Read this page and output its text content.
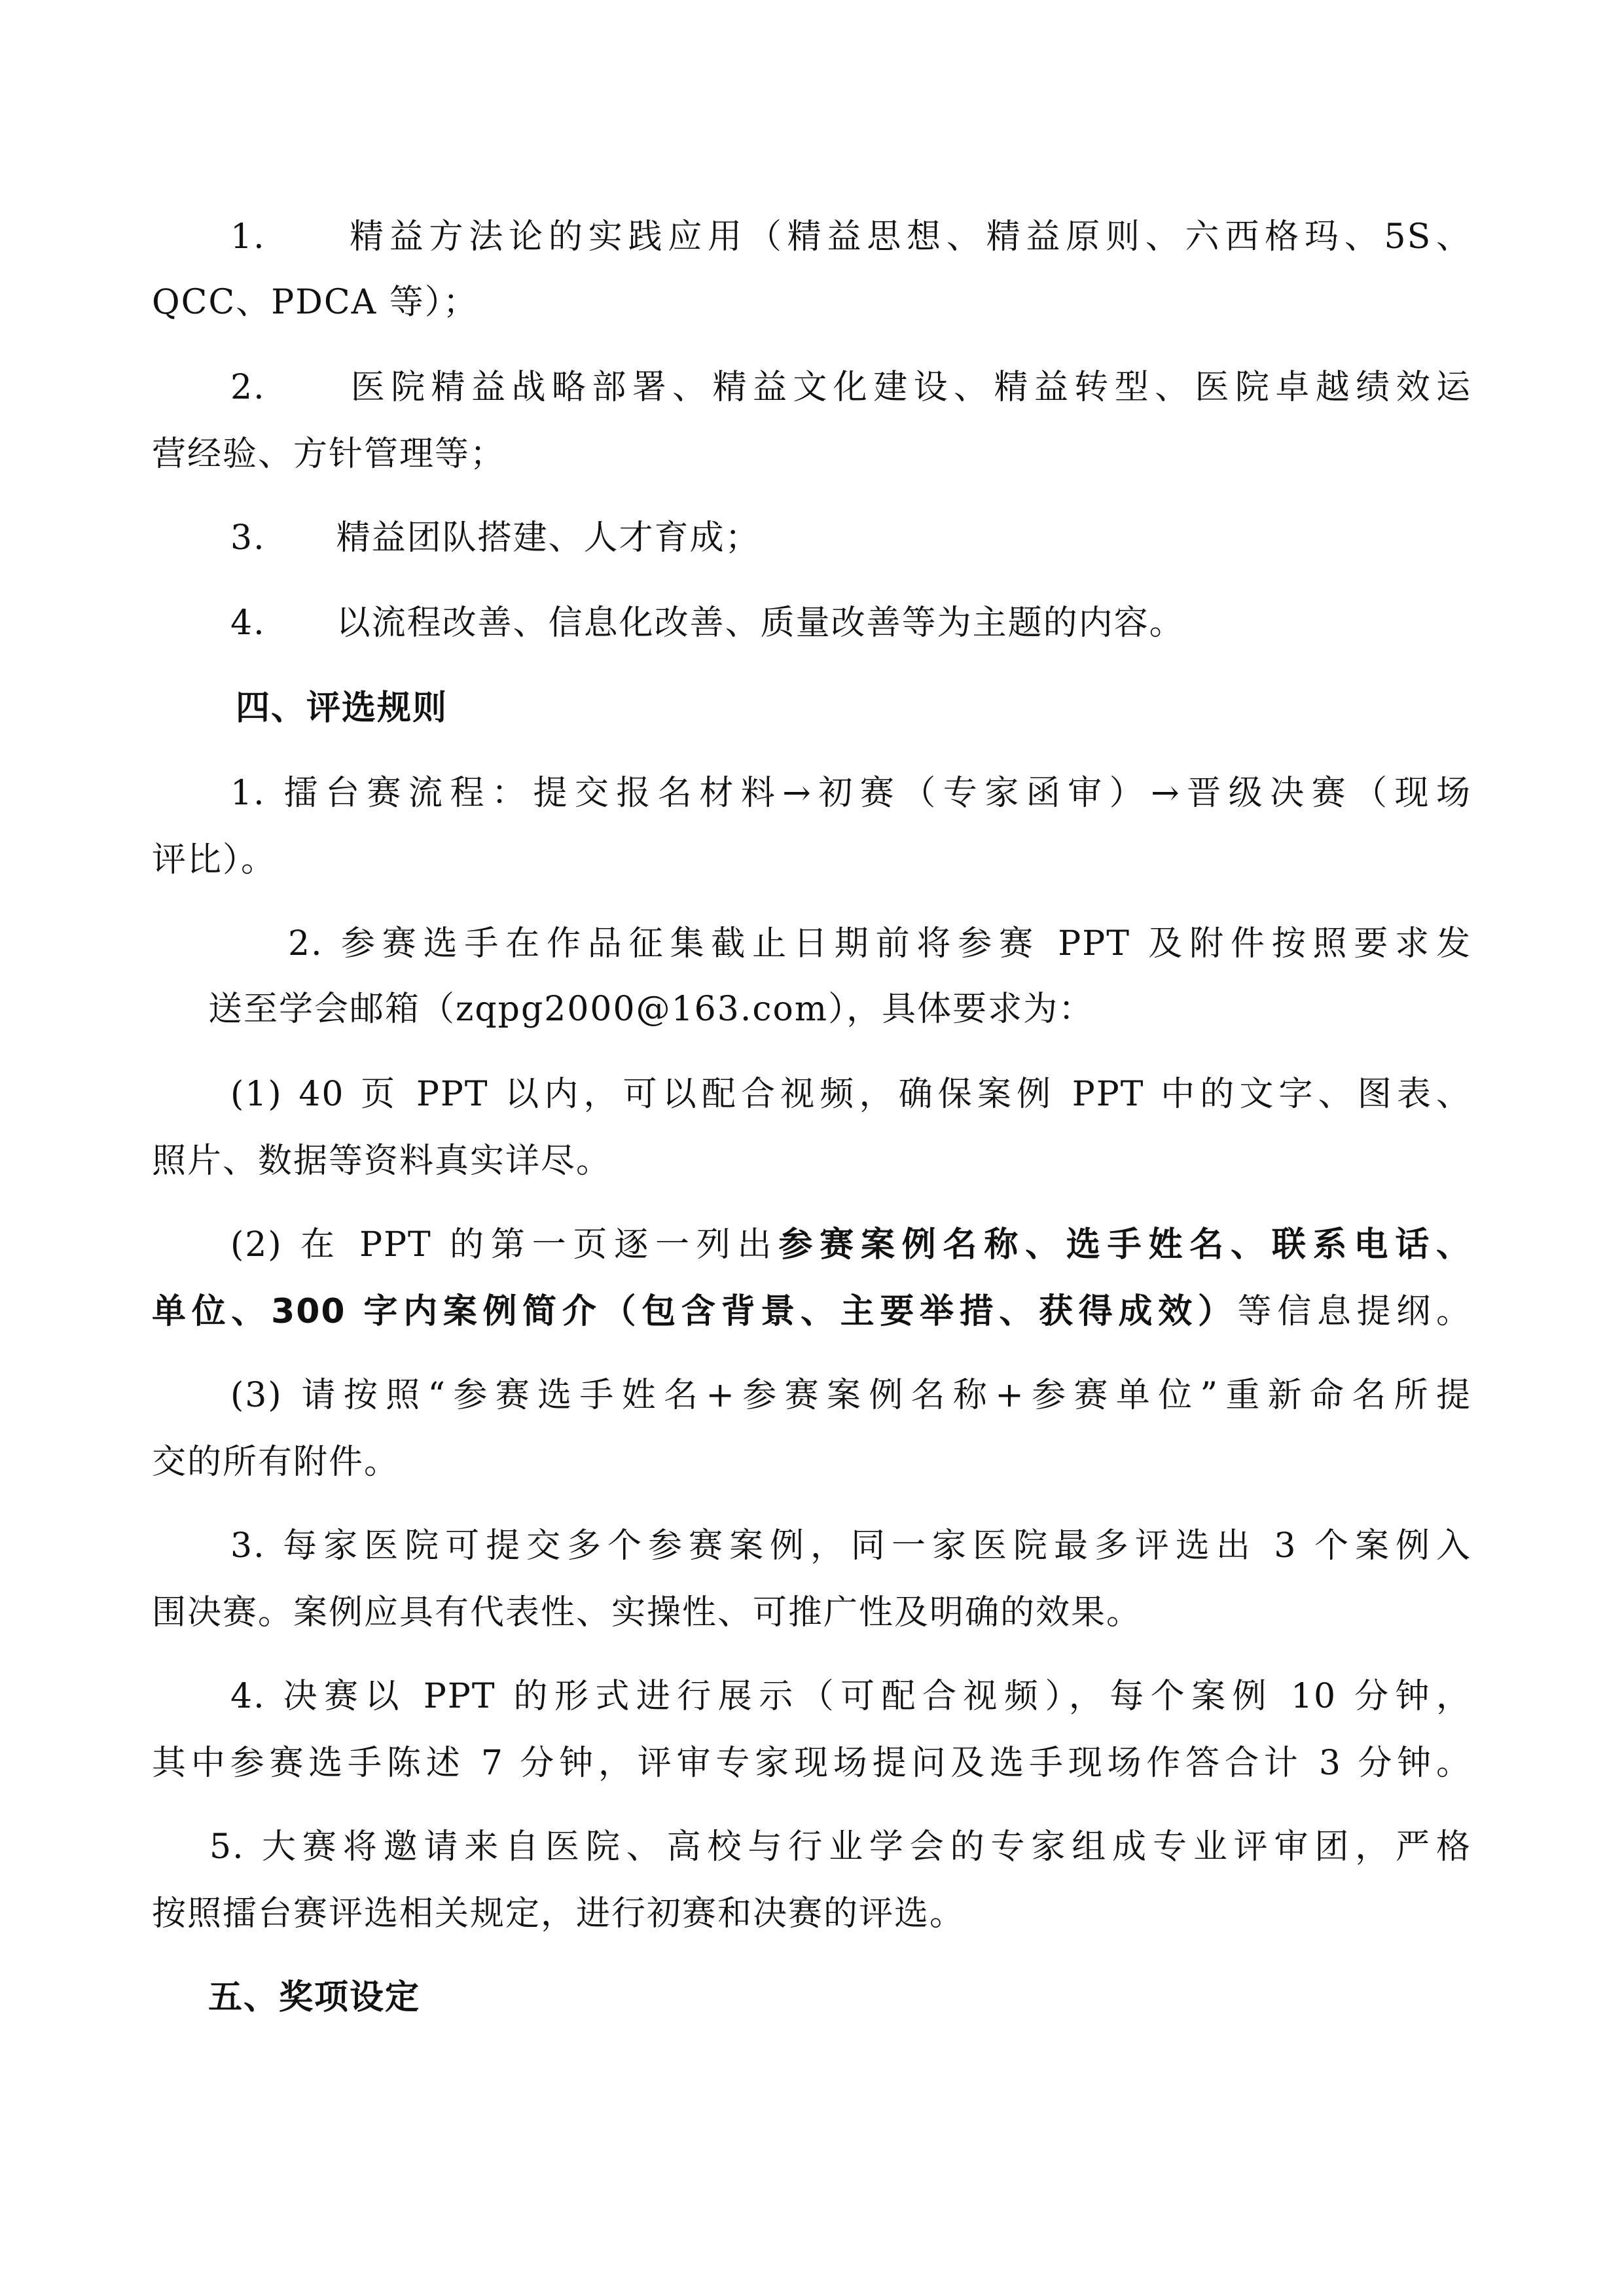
1.　　精益方法论的实践应用（精益思想、精益原则、六西格玛、5S、
QCC、PDCA 等）；
2.　　医院精益战略部署、精益文化建设、精益转型、医院卓越绩效运
营经验、方针管理等；
3.　　精益团队搭建、人才育成；
4.　　以流程改善、信息化改善、质量改善等为主题的内容。
四、评选规则
1. 擂台赛流程：提交报名材料→初赛（专家函审）→晋级决赛（现场
评比）。
2. 参赛选手在作品征集截止日期前将参赛 PPT 及附件按照要求发
送至学会邮箱（zqpg2000@163.com），具体要求为：
(1) 40 页 PPT 以内，可以配合视频，确保案例 PPT 中的文字、图表、
照片、数据等资料真实详尽。
(2) 在 PPT 的第一页逐一列出参赛案例名称、选手姓名、联系电话、
单位、300 字内案例简介（包含背景、主要举措、获得成效）等信息提纲。
(3) 请按照“参赛选手姓名+参赛案例名称+参赛单位”重新命名所提
交的所有附件。
3. 每家医院可提交多个参赛案例，同一家医院最多评选出 3 个案例入
围决赛。案例应具有代表性、实操性、可推广性及明确的效果。
4. 决赛以 PPT 的形式进行展示（可配合视频），每个案例 10 分钟，
其中参赛选手陈述 7 分钟，评审专家现场提问及选手现场作答合计 3 分钟。
5. 大赛将邀请来自医院、高校与行业学会的专家组成专业评审团，严格
按照擂台赛评选相关规定，进行初赛和决赛的评选。
五、奖项设定
